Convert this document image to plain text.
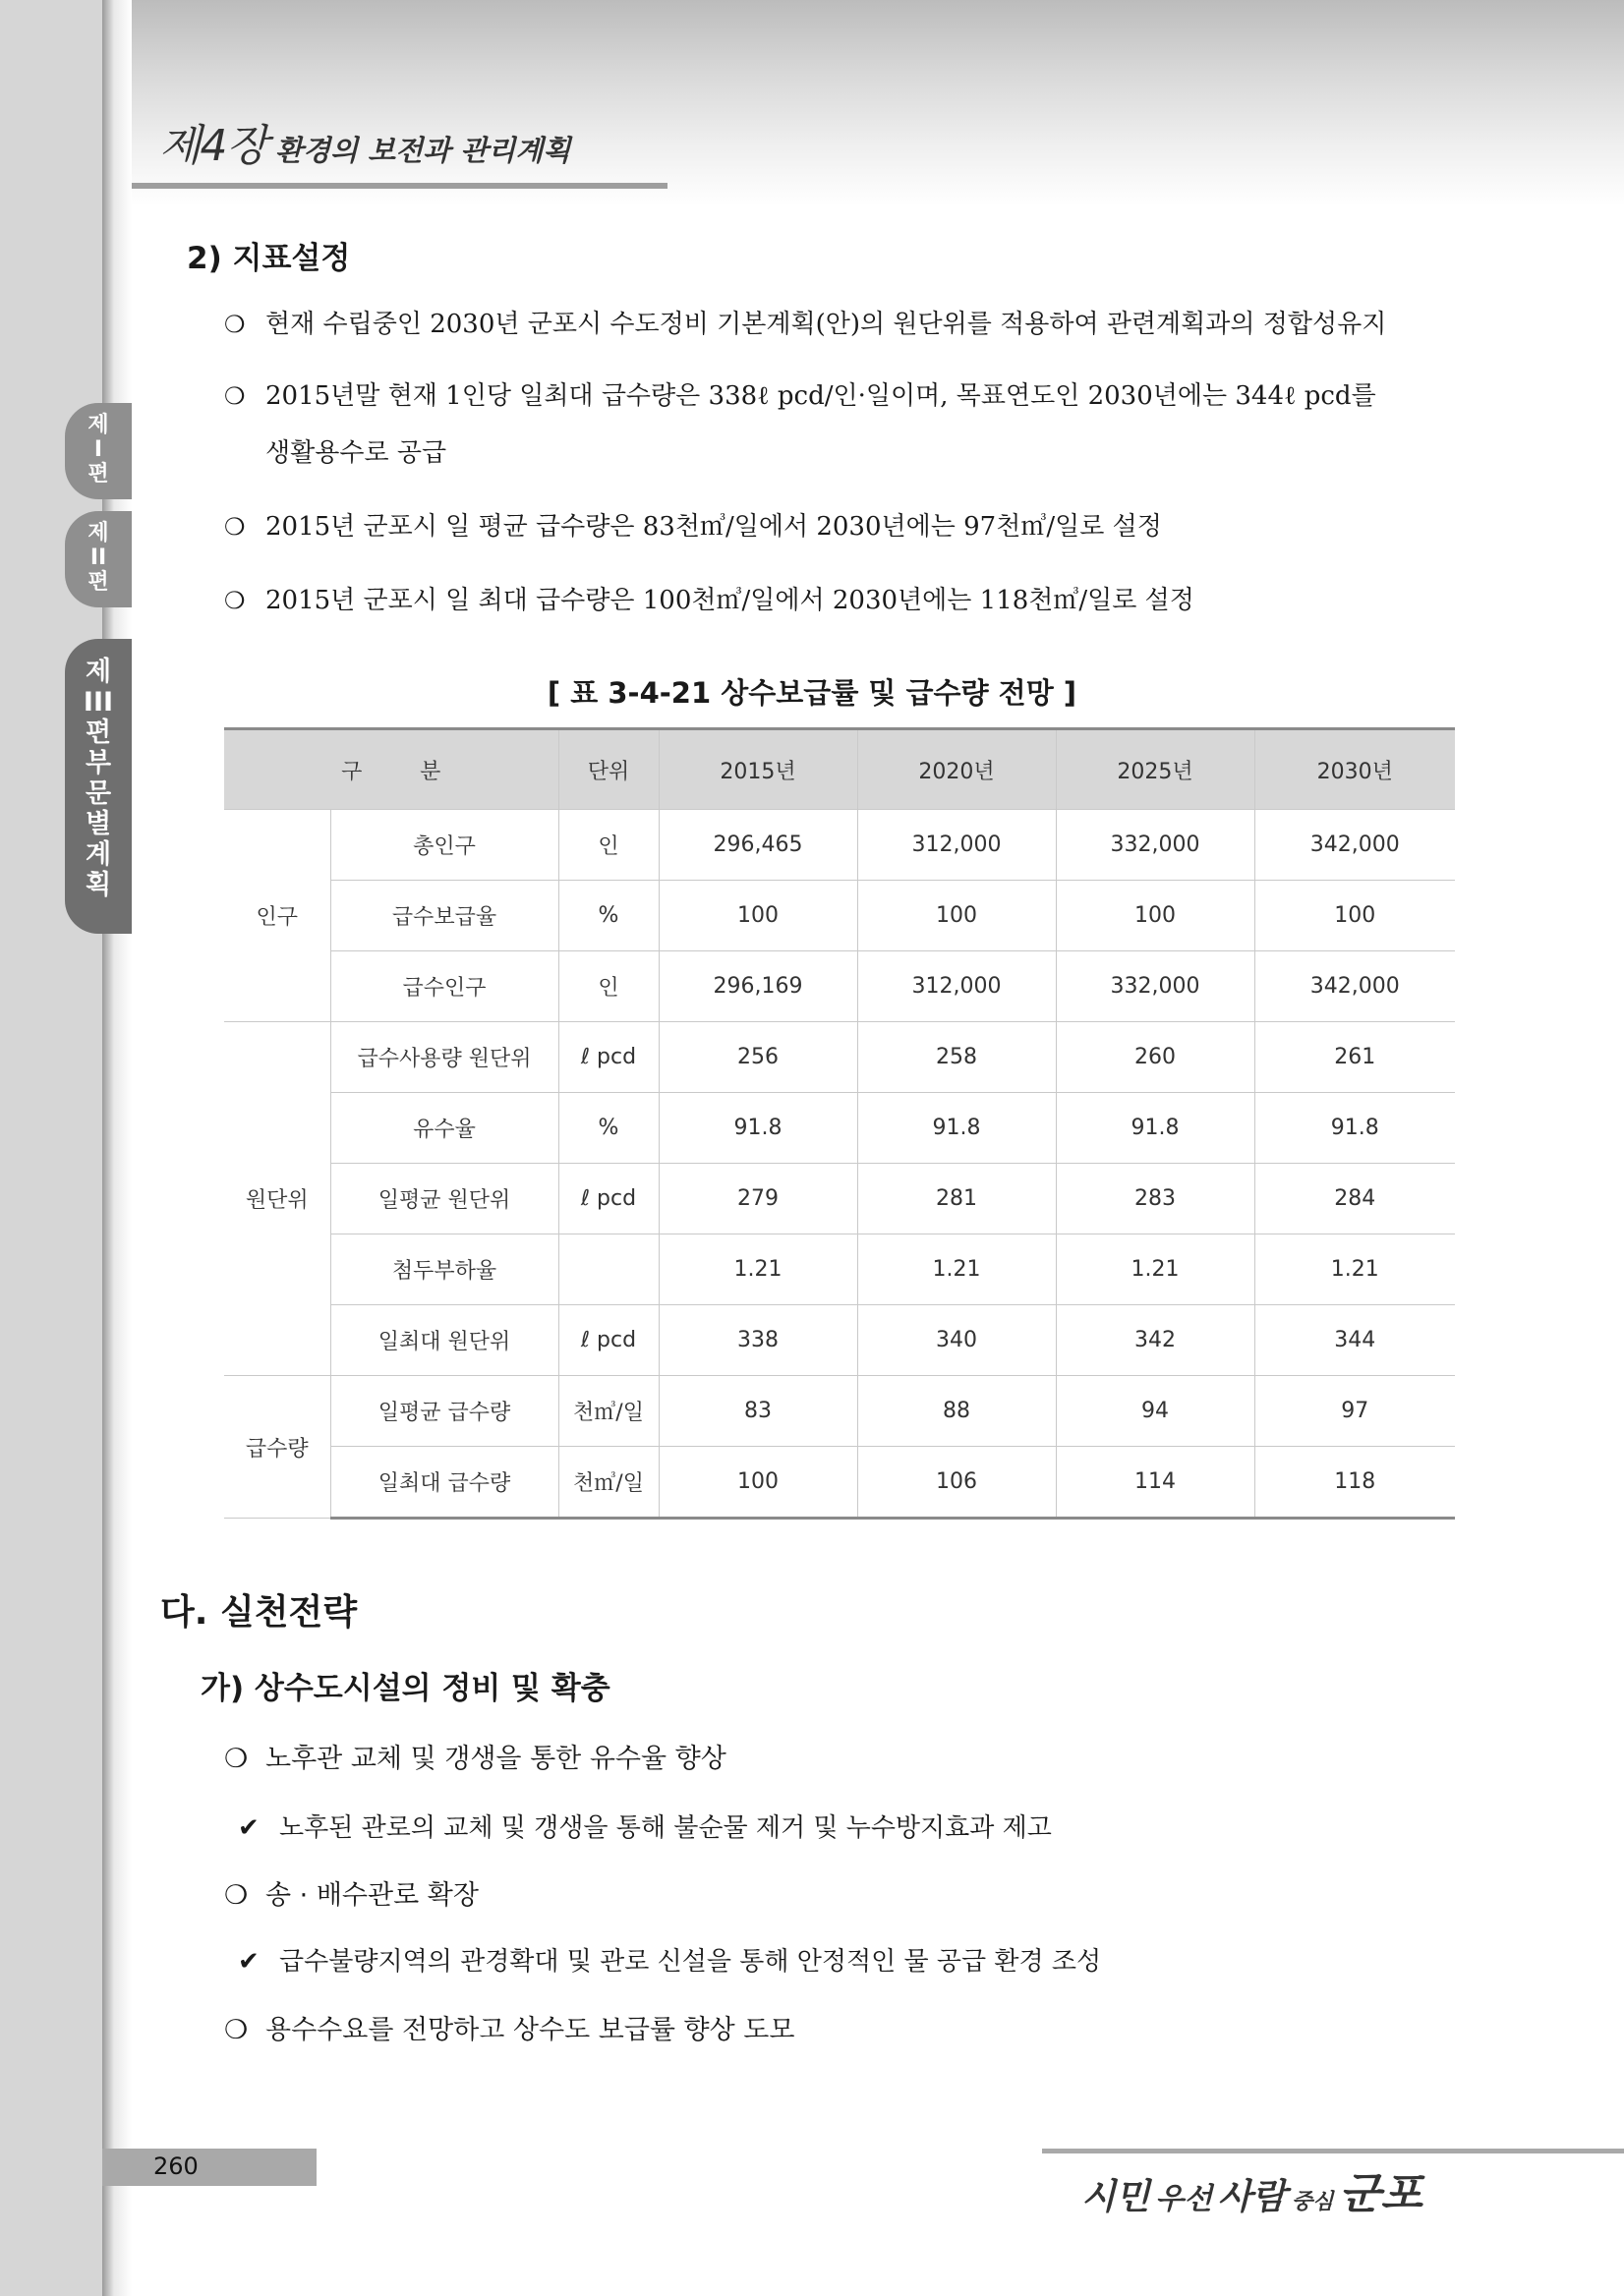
제4장 환경의 보전과 관리계획
제
I
편
제
II
편
제
III
편
부
문
별
계
획
2) 지표설정
❍ 현재 수립중인 2030년 군포시 수도정비 기본계획(안)의 원단위를 적용하여 관련계획과의 정합성유지
❍ 2015년말 현재 1인당 일최대 급수량은 338ℓ pcd/인·일이며, 목표연도인 2030년에는 344ℓ pcd를
생활용수로 공급
❍ 2015년 군포시 일 평균 급수량은 83천㎥/일에서 2030년에는 97천㎥/일로 설정
❍ 2015년 군포시 일 최대 급수량은 100천㎥/일에서 2030년에는 118천㎥/일로 설정
[ 표 3-4-21 상수보급률 및 급수량 전망 ]
구 분		단위	2015년	2020년	2025년	2030년
인구	총인구	인	296,465	312,000	332,000	342,000
	급수보급율	%	100	100	100	100
	급수인구	인	296,169	312,000	332,000	342,000
원단위	급수사용량 원단위	ℓ pcd	256	258	260	261
	유수율	%	91.8	91.8	91.8	91.8
	일평균 원단위	ℓ pcd	279	281	283	284
	첨두부하율		1.21	1.21	1.21	1.21
	일최대 원단위	ℓ pcd	338	340	342	344
급수량	일평균 급수량	천㎥/일	83	88	94	97
	일최대 급수량	천㎥/일	100	106	114	118
다. 실천전략
가) 상수도시설의 정비 및 확충
❍ 노후관 교체 및 갱생을 통한 유수율 향상
✔ 노후된 관로의 교체 및 갱생을 통해 불순물 제거 및 누수방지효과 제고
❍ 송 · 배수관로 확장
✔ 급수불량지역의 관경확대 및 관로 신설을 통해 안정적인 물 공급 환경 조성
❍ 용수수요를 전망하고 상수도 보급률 향상 도모
260
시민 우선 사람 중심 군포
